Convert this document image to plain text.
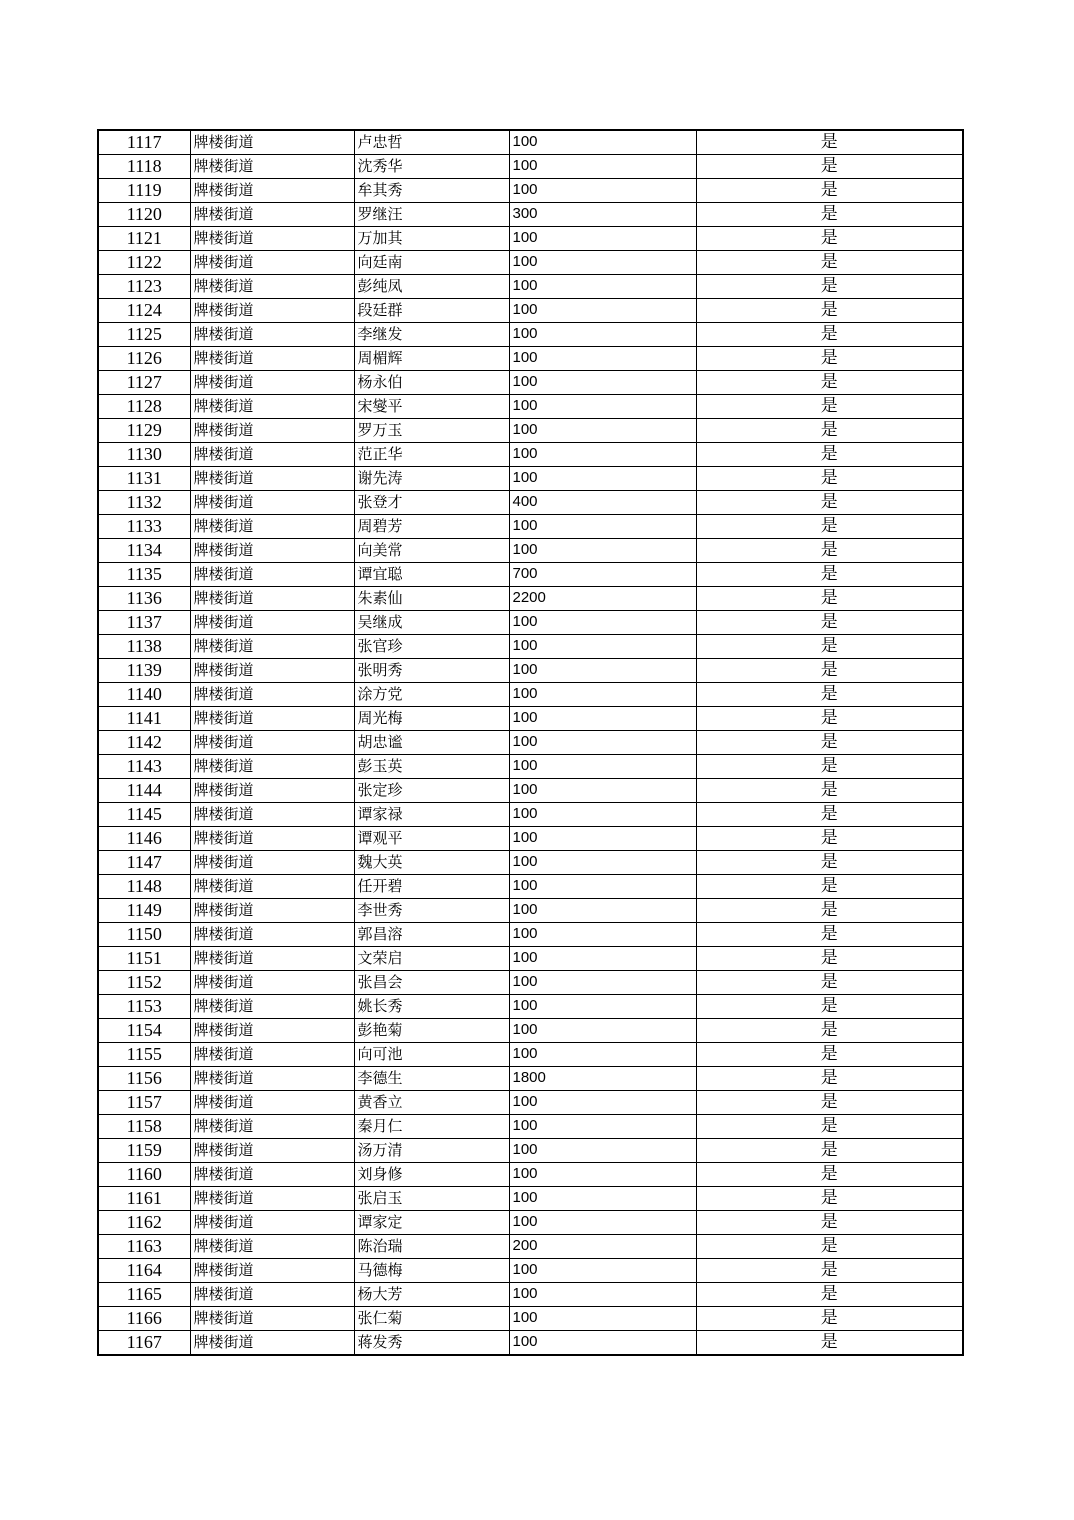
1117	牌楼街道	卢忠哲	100	是
1118	牌楼街道	沈秀华	100	是
1119	牌楼街道	牟其秀	100	是
1120	牌楼街道	罗继汪	300	是
1121	牌楼街道	万加其	100	是
1122	牌楼街道	向廷南	100	是
1123	牌楼街道	彭纯凤	100	是
1124	牌楼街道	段廷群	100	是
1125	牌楼街道	李继发	100	是
1126	牌楼街道	周楣辉	100	是
1127	牌楼街道	杨永伯	100	是
1128	牌楼街道	宋燮平	100	是
1129	牌楼街道	罗万玉	100	是
1130	牌楼街道	范正华	100	是
1131	牌楼街道	谢先涛	100	是
1132	牌楼街道	张登才	400	是
1133	牌楼街道	周碧芳	100	是
1134	牌楼街道	向美常	100	是
1135	牌楼街道	谭宜聪	700	是
1136	牌楼街道	朱素仙	2200	是
1137	牌楼街道	吴继成	100	是
1138	牌楼街道	张官珍	100	是
1139	牌楼街道	张明秀	100	是
1140	牌楼街道	涂方党	100	是
1141	牌楼街道	周光梅	100	是
1142	牌楼街道	胡忠谧	100	是
1143	牌楼街道	彭玉英	100	是
1144	牌楼街道	张定珍	100	是
1145	牌楼街道	谭家禄	100	是
1146	牌楼街道	谭观平	100	是
1147	牌楼街道	魏大英	100	是
1148	牌楼街道	任开碧	100	是
1149	牌楼街道	李世秀	100	是
1150	牌楼街道	郭昌溶	100	是
1151	牌楼街道	文荣启	100	是
1152	牌楼街道	张昌会	100	是
1153	牌楼街道	姚长秀	100	是
1154	牌楼街道	彭艳菊	100	是
1155	牌楼街道	向可池	100	是
1156	牌楼街道	李德生	1800	是
1157	牌楼街道	黄香立	100	是
1158	牌楼街道	秦月仁	100	是
1159	牌楼街道	汤万清	100	是
1160	牌楼街道	刘身修	100	是
1161	牌楼街道	张启玉	100	是
1162	牌楼街道	谭家定	100	是
1163	牌楼街道	陈治瑞	200	是
1164	牌楼街道	马德梅	100	是
1165	牌楼街道	杨大芳	100	是
1166	牌楼街道	张仁菊	100	是
1167	牌楼街道	蒋发秀	100	是
